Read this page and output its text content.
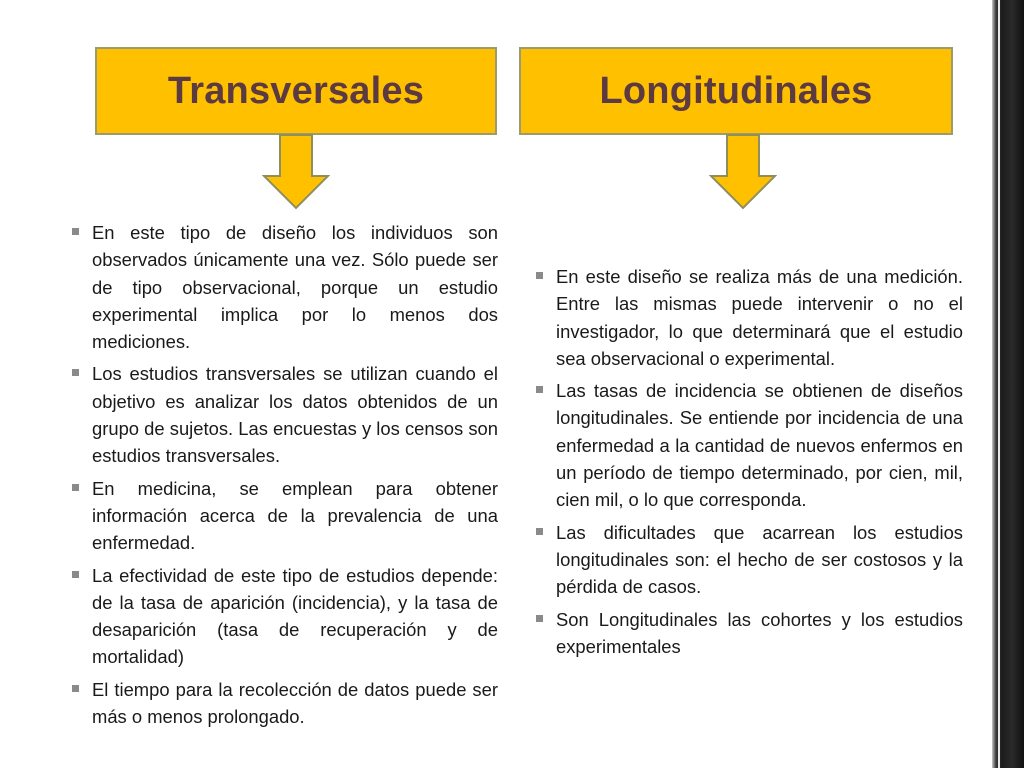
Transversales	Longitudinales
En este tipo de diseño los individuos son observados únicamente una vez. Sólo puede ser de tipo observacional, porque un estudio experimental implica por lo menos dos mediciones.
Los estudios transversales se utilizan cuando el objetivo es analizar los datos obtenidos de un grupo de sujetos. Las encuestas y los censos son estudios transversales.
En medicina, se emplean para obtener información acerca de la prevalencia de una enfermedad.
La efectividad de este tipo de estudios depende: de la tasa de aparición (incidencia), y la tasa de desaparición (tasa de recuperación y de mortalidad)
El tiempo para la recolección de datos puede ser más o menos prolongado.
En este diseño se realiza más de una medición. Entre las mismas puede intervenir o no el investigador, lo que determinará que el estudio sea observacional o experimental.
Las tasas de incidencia se obtienen de diseños longitudinales. Se entiende por incidencia de una enfermedad a la cantidad de nuevos enfermos en un período de tiempo determinado, por cien, mil, cien mil, o lo que corresponda.
Las dificultades que acarrean los estudios longitudinales son: el hecho de ser costosos y la pérdida de casos.
Son Longitudinales las cohortes y los estudios experimentales
